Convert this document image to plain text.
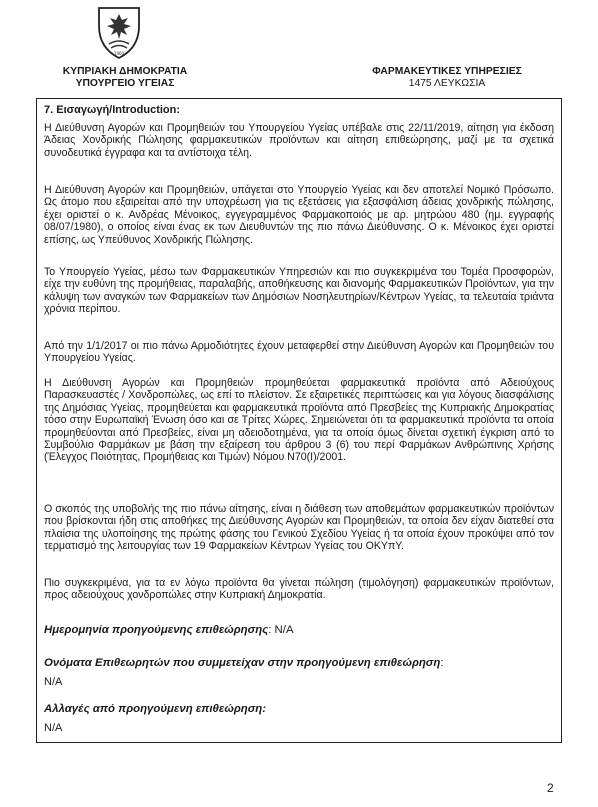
1960
ΚΥΠΡΙΑΚΗ ΔΗΜΟΚΡΑΤΙΑ
ΥΠΟΥΡΓΕΙΟ ΥΓΕΙΑΣ
ΦΑΡΜΑΚΕΥΤΙΚΕΣ ΥΠΗΡΕΣΙΕΣ
1475 ΛΕΥΚΩΣΙΑ
7. Εισαγωγή/Introduction:

Η Διεύθυνση Αγορών και Προμηθειών του Υπουργείου Υγείας υπέβαλε στις 22/11/2019, αίτηση για έκδοση Άδειας Χονδρικής Πώλησης φαρμακευτικών προϊόντων και αίτηση επιθεώρησης, μαζί με τα σχετικά συνοδευτικά έγγραφα και τα αντίστοιχα τέλη.

Η Διεύθυνση Αγορών και Προμηθειών, υπάγεται στο Υπουργείο Υγείας και δεν αποτελεί Νομικό Πρόσωπο. Ως άτομο που εξαιρείται από την υποχρέωση για τις εξετάσεις για εξασφάλιση άδειας χονδρικής πώλησης, έχει οριστεί ο κ. Ανδρέας Μένοικος, εγγεγραμμένος Φαρμακοποιός με αρ. μητρώου 480 (ημ. εγγραφής 08/07/1980), ο οποίος είναι ένας εκ των Διευθυντών της πιο πάνω Διεύθυνσης. Ο κ. Μένοικος έχει οριστεί επίσης, ως Υπεύθυνος Χονδρικής Πώλησης.

Το Υπουργείο Υγείας, μέσω των Φαρμακευτικών Υπηρεσιών και πιο συγκεκριμένα του Τομέα Προσφορών, είχε την ευθύνη της προμήθειας, παραλαβής, αποθήκευσης και διανομής Φαρμακευτικών Προϊόντων, για την κάλυψη των αναγκών των Φαρμακείων των Δημόσιων Νοσηλευτηρίων/Κέντρων Υγείας, τα τελευταία τριάντα χρόνια περίπου.

Από την 1/1/2017 οι πιο πάνω Αρμοδιότητες έχουν μεταφερθεί στην Διεύθυνση Αγορών και Προμηθειών του Υπουργείου Υγείας.

Η Διεύθυνση Αγορών και Προμηθειών προμηθεύεται φαρμακευτικά προϊόντα από Αδειούχους Παρασκευαστές / Χονδροπώλες, ως επί το πλείστον. Σε εξαιρετικές περιπτώσεις και για λόγους διασφάλισης της Δημόσιας Υγείας, προμηθεύεται και φαρμακευτικά προϊόντα από Πρεσβείες της Κυπριακής Δημοκρατίας τόσο στην Ευρωπαϊκή Ένωση όσο και σε Τρίτες Χώρες. Σημειώνεται ότι τα φαρμακευτικά προϊόντα τα οποία προμηθεύονται από Πρεσβείες, είναι μη αδειοδοτημένα, για τα οποία όμως δίνεται σχετική έγκριση από το Συμβούλιο Φαρμάκων με βάση την εξαίρεση του άρθρου 3 (6) του περί Φαρμάκων Ανθρώπινης Χρήσης (Έλεγχος Ποιότητας, Προμήθειας και Τιμών) Νόμου Ν70(Ι)/2001.

Ο σκοπός της υποβολής της πιο πάνω αίτησης, είναι η διάθεση των αποθεμάτων φαρμακευτικών προϊόντων που βρίσκονται ήδη στις αποθήκες της Διεύθυνσης Αγορών και Προμηθειών, τα οποία δεν είχαν διατεθεί στα πλαίσια της υλοποίησης της πρώτης φάσης του Γενικού Σχεδίου Υγείας ή τα οποία έχουν προκύψει από τον τερματισμό της λειτουργίας των 19 Φαρμακείων Κέντρων Υγείας του ΟΚΥπΥ.

Πιο συγκεκριμένα, για τα εν λόγω προϊόντα θα γίνεται πώληση (τιμολόγηση) φαρμακευτικών προϊόντων, προς αδειούχους χονδροπώλες στην Κυπριακή Δημοκρατία.

Ημερομηνία προηγούμενης επιθεώρησης: N/A
Ονόματα Επιθεωρητών που συμμετείχαν στην προηγούμενη επιθεώρηση:
N/A
Αλλαγές από προηγούμενη επιθεώρηση:
N/A
2
